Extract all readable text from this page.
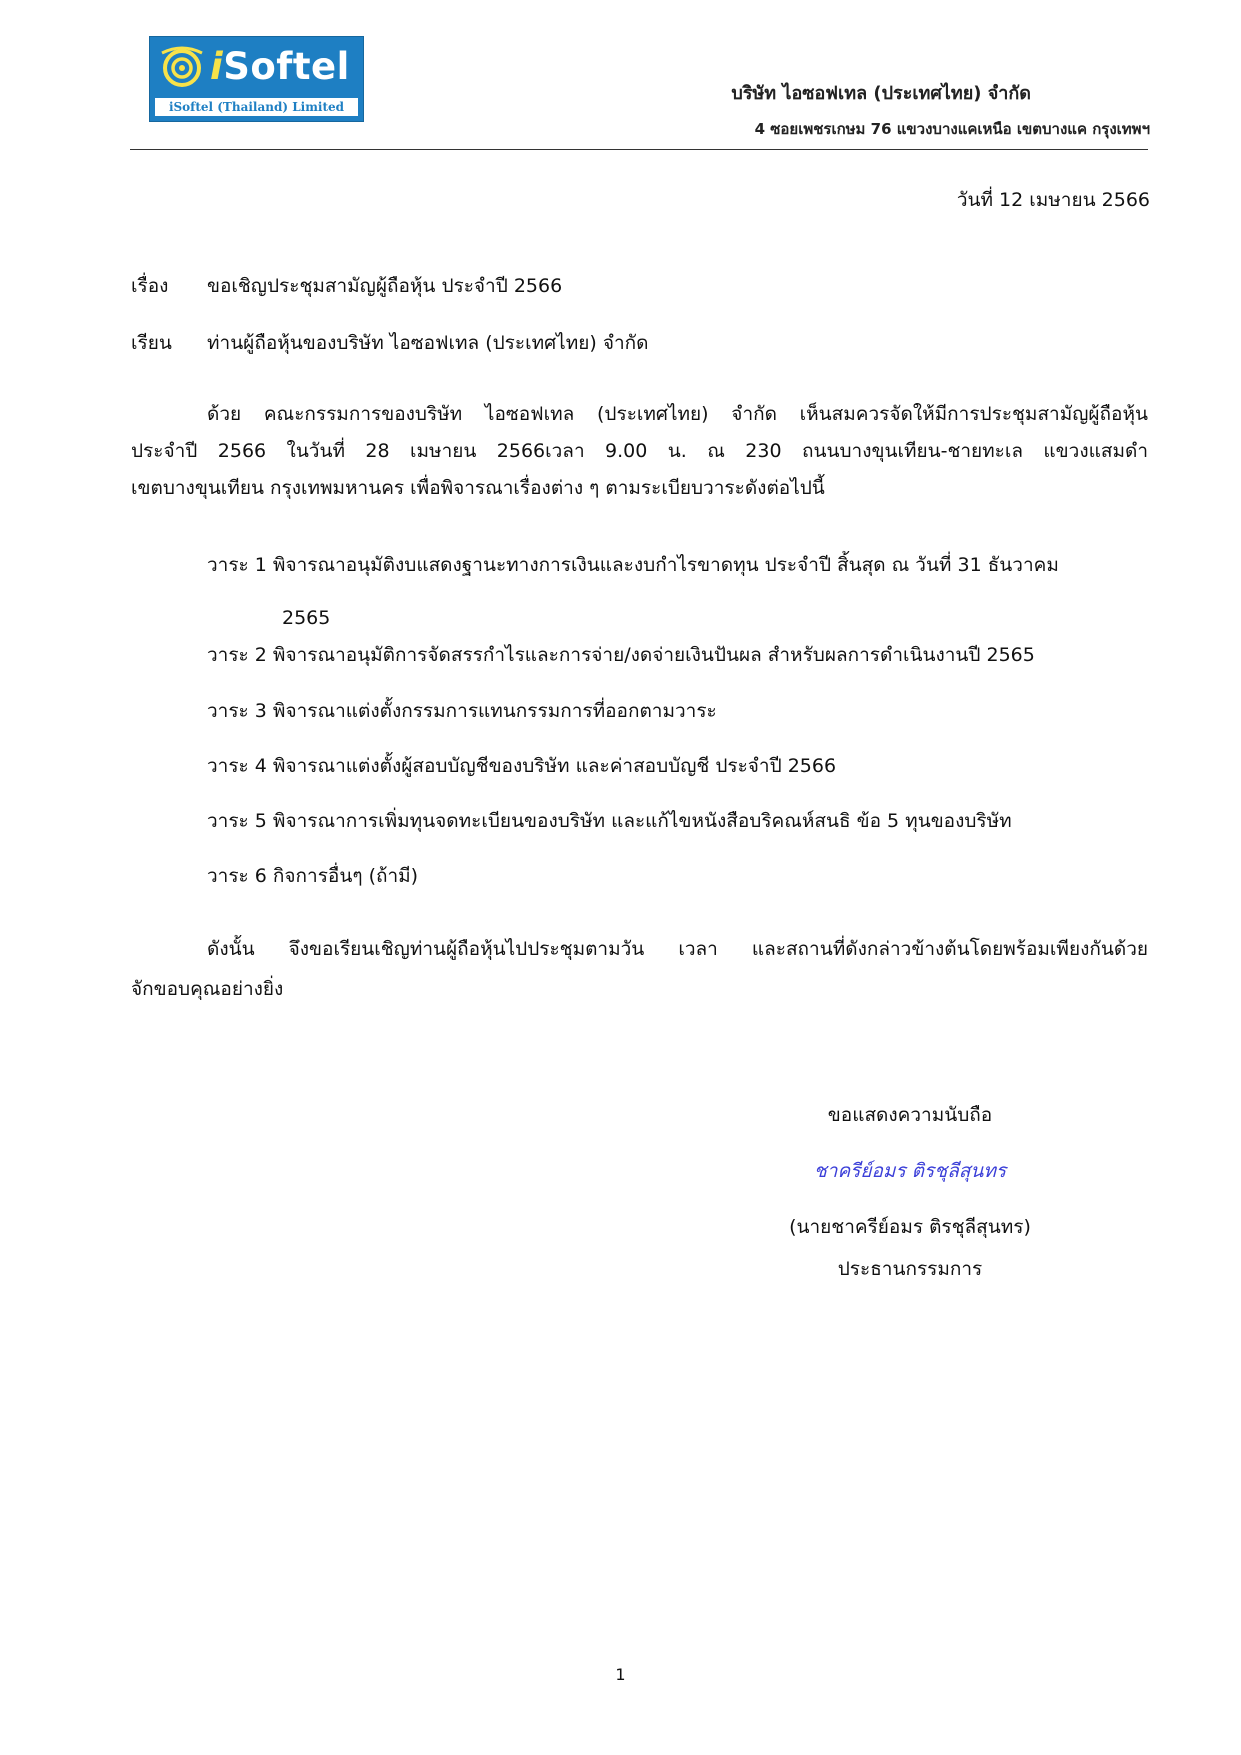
iSoftel
iSoftel (Thailand) Limited
บริษัท ไอซอฟเทล (ประเทศไทย) จำกัด
4 ซอยเพชรเกษม 76 แขวงบางแคเหนือ เขตบางแค กรุงเทพฯ
วันที่ 12 เมษายน 2566
เรื่อง ขอเชิญประชุมสามัญผู้ถือหุ้น ประจำปี 2566
เรียน ท่านผู้ถือหุ้นของบริษัท ไอซอฟเทล (ประเทศไทย) จำกัด
ด้วย คณะกรรมการของบริษัท ไอซอฟเทล (ประเทศไทย) จำกัด เห็นสมควรจัดให้มีการประชุมสามัญผู้ถือหุ้น
ประจำปี 2566 ในวันที่ 28 เมษายน 2566เวลา 9.00 น. ณ 230 ถนนบางขุนเทียน-ชายทะเล แขวงแสมดำ
เขตบางขุนเทียน กรุงเทพมหานคร เพื่อพิจารณาเรื่องต่าง ๆ ตามระเบียบวาระดังต่อไปนี้
วาระ 1 พิจารณาอนุมัติงบแสดงฐานะทางการเงินและงบกำไรขาดทุน ประจำปี สิ้นสุด ณ วันที่ 31 ธันวาคม
2565
วาระ 2 พิจารณาอนุมัติการจัดสรรกำไรและการจ่าย/งดจ่ายเงินปันผล สำหรับผลการดำเนินงานปี 2565
วาระ 3 พิจารณาแต่งตั้งกรรมการแทนกรรมการที่ออกตามวาระ
วาระ 4 พิจารณาแต่งตั้งผู้สอบบัญชีของบริษัท และค่าสอบบัญชี ประจำปี 2566
วาระ 5 พิจารณาการเพิ่มทุนจดทะเบียนของบริษัท และแก้ไขหนังสือบริคณห์สนธิ ข้อ 5 ทุนของบริษัท
วาระ 6 กิจการอื่นๆ (ถ้ามี)
ดังนั้น จึงขอเรียนเชิญท่านผู้ถือหุ้นไปประชุมตามวัน เวลา และสถานที่ดังกล่าวข้างต้นโดยพร้อมเพียงกันด้วย
จักขอบคุณอย่างยิ่ง
ขอแสดงความนับถือ
ชาครีย์อมร ติรชุลีสุนทร
(นายชาครีย์อมร ติรชุลีสุนทร)
ประธานกรรมการ
1
